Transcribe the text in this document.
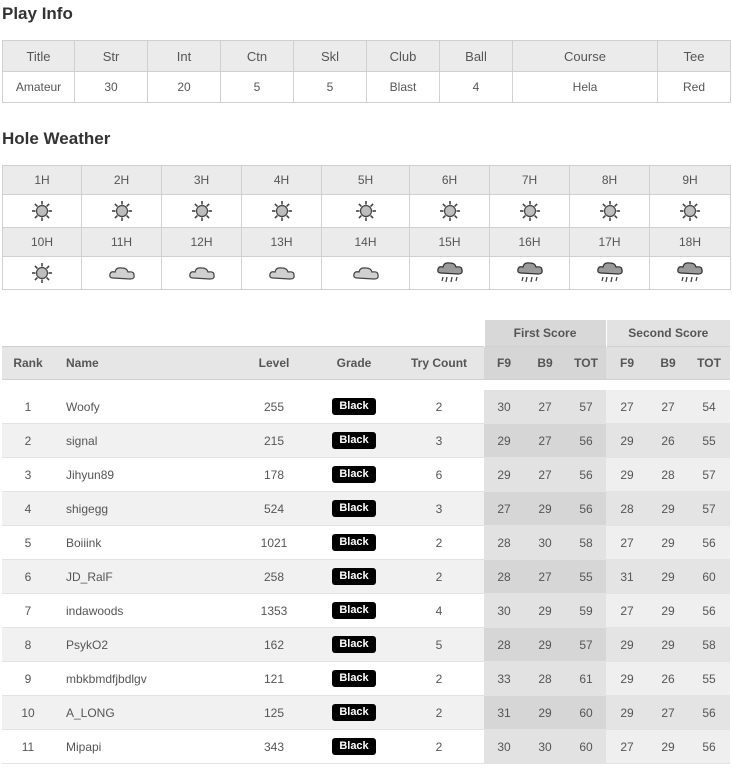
Play Info
Title	Str	Int	Ctn	Skl	Club	Ball	Course	Tee
Amateur	30	20	5	5	Blast	4	Hela	Red
Hole Weather
1H	2H	3H	4H	5H	6H	7H	8H	9H

10H	11H	12H	13H	14H	15H	16H	17H	18H

					First Score			Second Score		
Rank	Name	Level	Grade	Try Count	F9	B9	TOT	F9	B9	TOT

1	Woofy	255	Black	2	30	27	57	27	27	54
2	signal	215	Black	3	29	27	56	29	26	55
3	Jihyun89	178	Black	6	29	27	56	29	28	57
4	shigegg	524	Black	3	27	29	56	28	29	57
5	Boiiink	1021	Black	2	28	30	58	27	29	56
6	JD_RalF	258	Black	2	28	27	55	31	29	60
7	indawoods	1353	Black	4	30	29	59	27	29	56
8	PsykO2	162	Black	5	28	29	57	29	29	58
9	mbkbmdfjbdlgv	121	Black	2	33	28	61	29	26	55
10	A_LONG	125	Black	2	31	29	60	29	27	56
11	Mipapi	343	Black	2	30	30	60	27	29	56
